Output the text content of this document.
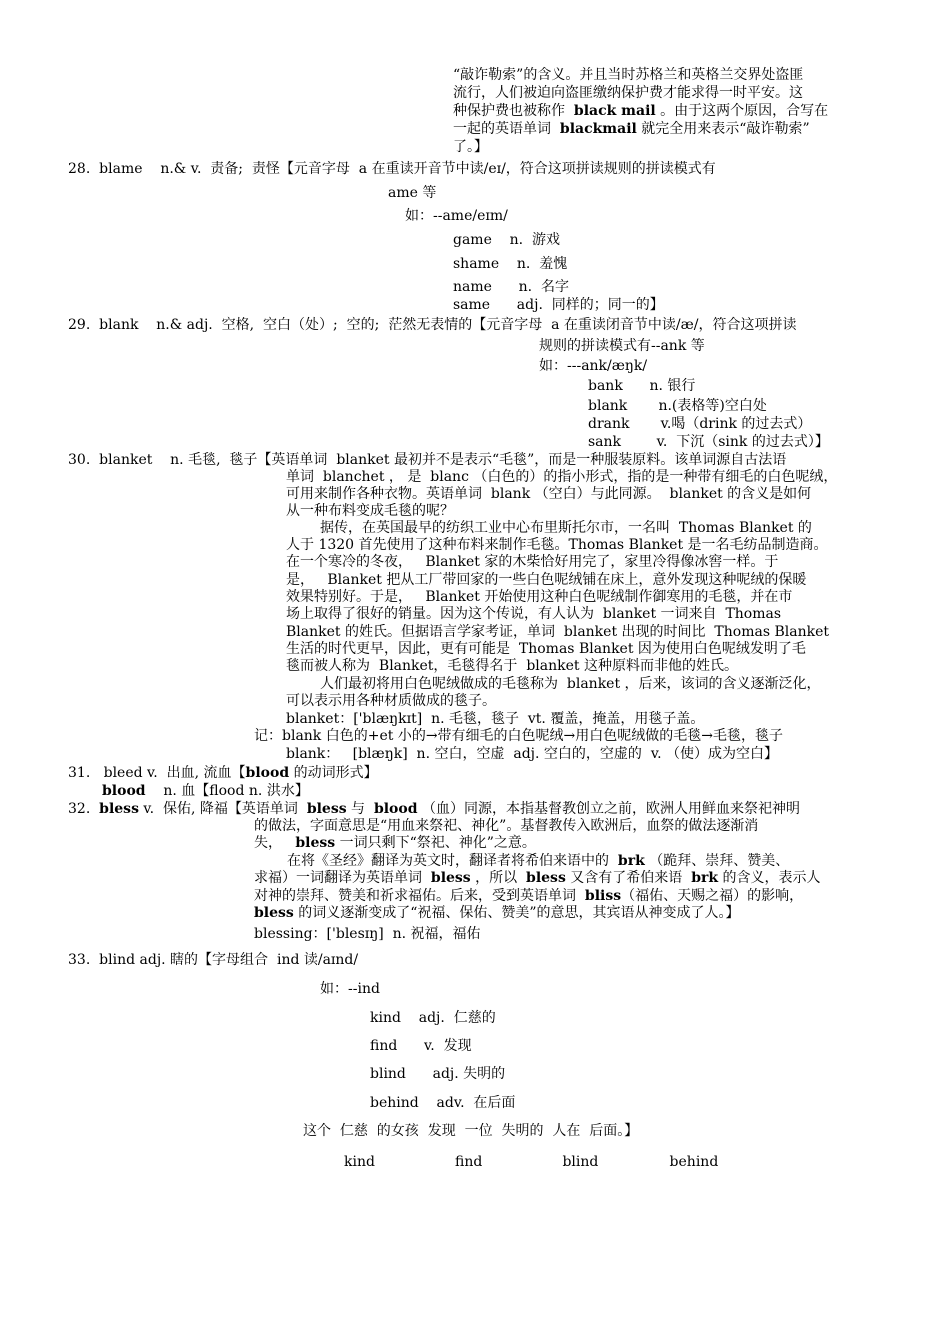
“敲诈勒索”的含义。并且当时苏格兰和英格兰交界处盗匪
流行，人们被迫向盗匪缴纳保护费才能求得一时平安。这
种保护费也被称作  black mail 。由于这两个原因，合写在
一起的英语单词  blackmail 就完全用来表示“敲诈勒索”
了。】
28.  blame    n.& v.  责备;  责怪【元音字母  a 在重读开音节中读/eɪ/，符合这项拼读规则的拼读模式有
ame 等
如：--ame/eɪm/
game    n.  游戏
shame    n.  羞愧
name      n.  名字
same      adj.  同样的；同一的】
29.  blank    n.& adj.  空格,  空白（处）;  空的;  茫然无表情的【元音字母  a 在重读闭音节中读/æ/，符合这项拼读
规则的拼读模式有--ank 等
如：---ank/æŋk/
bank      n. 银行
blank       n.(表格等)空白处
drank       v.喝（drink 的过去式）
sank        v.  下沉（sink 的过去式）】
30.  blanket    n. 毛毯,  毯子【英语单词  blanket 最初并不是表示“毛毯”，而是一种服装原料。该单词源自古法语
单词  blanchet ， 是  blanc （白色的）的指小形式，指的是一种带有细毛的白色呢绒，
可用来制作各种衣物。英语单词  blank （空白）与此同源。  blanket 的含义是如何
从一种布料变成毛毯的呢？
据传，在英国最早的纺织工业中心布里斯托尔市，一名叫  Thomas Blanket 的
人于 1320 首先使用了这种布料来制作毛毯。Thomas Blanket 是一名毛纺品制造商。
在一个寒冷的冬夜，   Blanket 家的木柴恰好用完了，家里冷得像冰窖一样。于
是，   Blanket 把从工厂带回家的一些白色呢绒铺在床上，意外发现这种呢绒的保暖
效果特别好。于是，   Blanket 开始使用这种白色呢绒制作御寒用的毛毯，并在市
场上取得了很好的销量。因为这个传说，有人认为  blanket 一词来自  Thomas
Blanket 的姓氏。但据语言学家考证，单词  blanket 出现的时间比  Thomas Blanket
生活的时代更早，因此，更有可能是  Thomas Blanket 因为使用白色呢绒发明了毛
毯而被人称为  Blanket，毛毯得名于  blanket 这种原料而非他的姓氏。
人们最初将用白色呢绒做成的毛毯称为  blanket ，后来，该词的含义逐渐泛化，
可以表示用各种材质做成的毯子。
blanket：['blæŋkɪt]  n. 毛毯，毯子  vt. 覆盖，掩盖，用毯子盖。
记：blank 白色的+et 小的→带有细毛的白色呢绒→用白色呢绒做的毛毯→毛毯，毯子
blank：   [blæŋk]  n. 空白，空虚  adj. 空白的，空虚的  v. （使）成为空白】
31.   bleed v.  出血, 流血【blood 的动词形式】
blood    n. 血【flood n. 洪水】
32.  bless v.  保佑, 降福【英语单词  bless 与  blood （血）同源，本指基督教创立之前，欧洲人用鲜血来祭祀神明
的做法，字面意思是“用血来祭祀、神化”。基督教传入欧洲后，血祭的做法逐渐消
失，   bless 一词只剩下“祭祀、神化”之意。
在将《圣经》翻译为英文时，翻译者将希伯来语中的  brk （跪拜、崇拜、赞美、
求福）一词翻译为英语单词  bless ，所以  bless 又含有了希伯来语  brk 的含义，表示人
对神的崇拜、赞美和祈求福佑。后来，受到英语单词  bliss（福佑、天赐之福）的影响，
bless 的词义逐渐变成了“祝福、保佑、赞美”的意思，其宾语从神变成了人。】
blessing：['blesɪŋ]  n. 祝福，福佑
33.  blind adj. 瞎的【字母组合  ind 读/aɪnd/
如：--ind
kind    adj.  仁慈的
find      v.  发现
blind      adj. 失明的
behind    adv.  在后面
这个  仁慈  的女孩  发现  一位  失明的  人在  后面。】
kind                  find                  blind                behind
